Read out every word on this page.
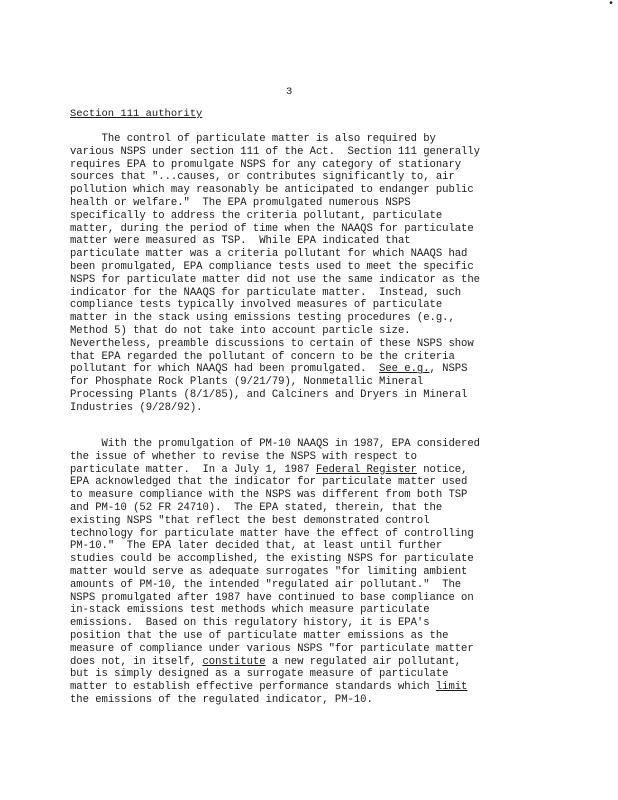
•
3
Section 111 authority
The control of particulate matter is also required by
various NSPS under section 111 of the Act.  Section 111 generally
requires EPA to promulgate NSPS for any category of stationary
sources that "...causes, or contributes significantly to, air
pollution which may reasonably be anticipated to endanger public
health or welfare."  The EPA promulgated numerous NSPS
specifically to address the criteria pollutant, particulate
matter, during the period of time when the NAAQS for particulate
matter were measured as TSP.  While EPA indicated that
particulate matter was a criteria pollutant for which NAAQS had
been promulgated, EPA compliance tests used to meet the specific
NSPS for particulate matter did not use the same indicator as the
indicator for the NAAQS for particulate matter.  Instead, such
compliance tests typically involved measures of particulate
matter in the stack using emissions testing procedures (e.g.,
Method 5) that do not take into account particle size.
Nevertheless, preamble discussions to certain of these NSPS show
that EPA regarded the pollutant of concern to be the criteria
pollutant for which NAAQS had been promulgated.  See e.g., NSPS
for Phosphate Rock Plants (9/21/79), Nonmetallic Mineral
Processing Plants (8/1/85), and Calciners and Dryers in Mineral
Industries (9/28/92).
With the promulgation of PM-10 NAAQS in 1987, EPA considered
the issue of whether to revise the NSPS with respect to
particulate matter.  In a July 1, 1987 Federal Register notice,
EPA acknowledged that the indicator for particulate matter used
to measure compliance with the NSPS was different from both TSP
and PM-10 (52 FR 24710).  The EPA stated, therein, that the
existing NSPS "that reflect the best demonstrated control
technology for particulate matter have the effect of controlling
PM-10."  The EPA later decided that, at least until further
studies could be accomplished, the existing NSPS for particulate
matter would serve as adequate surrogates "for limiting ambient
amounts of PM-10, the intended "regulated air pollutant."  The
NSPS promulgated after 1987 have continued to base compliance on
in-stack emissions test methods which measure particulate
emissions.  Based on this regulatory history, it is EPA's
position that the use of particulate matter emissions as the
measure of compliance under various NSPS "for particulate matter
does not, in itself, constitute a new regulated air pollutant,
but is simply designed as a surrogate measure of particulate
matter to establish effective performance standards which limit
the emissions of the regulated indicator, PM-10.
